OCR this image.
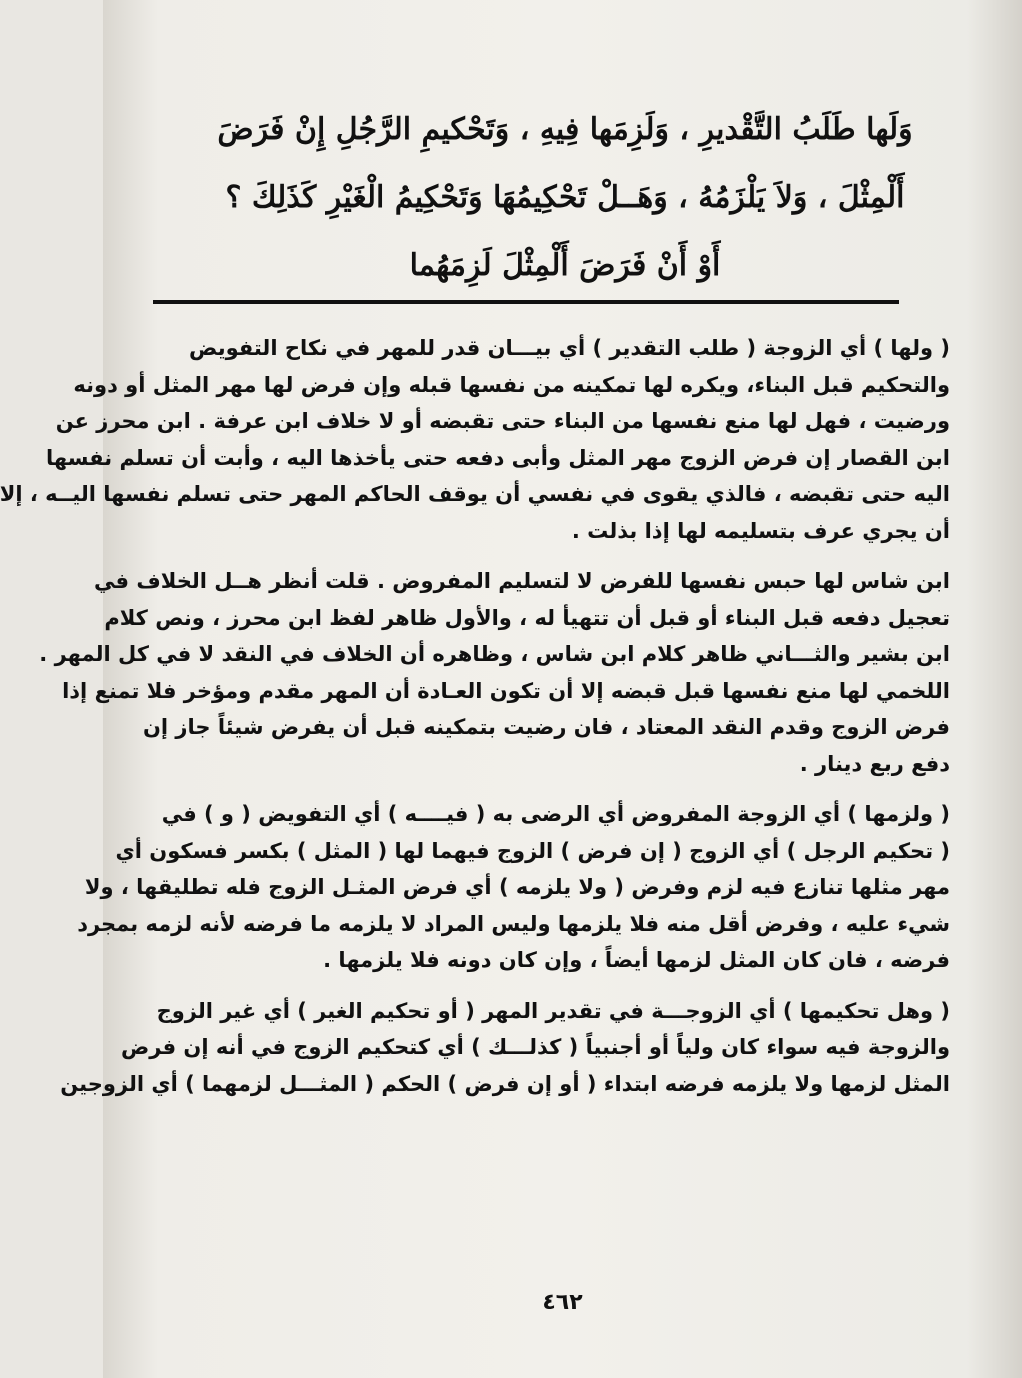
وَلَها طَلَبُ التَّقْديرِ ، وَلَزِمَها فِيهِ ، وَتَحْكيمِ الرَّجُلِ إِنْ فَرَضَ
أَلْمِثْلَ ، وَلاَ يَلْزَمُهُ ، وَهَــلْ تَحْكِيمُهَا وَتَحْكِيمُ الْغَيْرِ كَذَلِكَ ؟
أَوْ أَنْ فَرَضَ أَلْمِثْلَ لَزِمَهُما
( ولها ) أي الزوجة ( طلب التقدير ) أي بيـــان قدر للمهر في نكاح التفويض
والتحكيم قبل البناء، ويكره لها تمكينه من نفسها قبله وإن فرض لها مهر المثل أو دونه
ورضيت ، فهل لها منع نفسها من البناء حتى تقبضه أو لا خلاف ابن عرفة . ابن محرز عن
ابن القصار إن فرض الزوج مهر المثل وأبى دفعه حتى يأخذها اليه ، وأبت أن تسلم نفسها
اليه حتى تقبضه ، فالذي يقوى في نفسي أن يوقف الحاكم المهر حتى تسلم نفسها اليــه ، إلا
أن يجري عرف بتسليمه لها إذا بذلت .
ابن شاس لها حبس نفسها للفرض لا لتسليم المفروض . قلت أنظر هــل الخلاف في
تعجيل دفعه قبل البناء أو قبل أن تتهيأ له ، والأول ظاهر لفظ ابن محرز ، ونص كلام
ابن بشير والثـــاني ظاهر كلام ابن شاس ، وظاهره أن الخلاف في النقد لا في كل المهر .
اللخمي لها منع نفسها قبل قبضه إلا أن تكون العـادة أن المهر مقدم ومؤخر فلا تمنع إذا
فرض الزوج وقدم النقد المعتاد ، فان رضيت بتمكينه قبل أن يفرض شيئاً جاز إن
دفع ربع دينار .
( ولزمها ) أي الزوجة المفروض أي الرضى به ( فيــــه ) أي التفويض ( و ) في
( تحكيم الرجل ) أي الزوج ( إن فرض ) الزوج فيهما لها ( المثل ) بكسر فسكون أي
مهر مثلها تنازع فيه لزم وفرض ( ولا يلزمه ) أي فرض المثـل الزوج فله تطليقها ، ولا
شيء عليه ، وفرض أقل منه فلا يلزمها وليس المراد لا يلزمه ما فرضه لأنه لزمه بمجرد
فرضه ، فان كان المثل لزمها أيضاً ، وإن كان دونه فلا يلزمها .
( وهل تحكيمها ) أي الزوجـــة في تقدير المهر ( أو تحكيم الغير ) أي غير الزوج
والزوجة فيه سواء كان ولياً أو أجنبياً ( كذلـــك ) أي كتحكيم الزوج في أنه إن فرض
المثل لزمها ولا يلزمه فرضه ابتداء ( أو إن فرض ) الحكم ( المثـــل لزمهما ) أي الزوجين
٤٦٢
